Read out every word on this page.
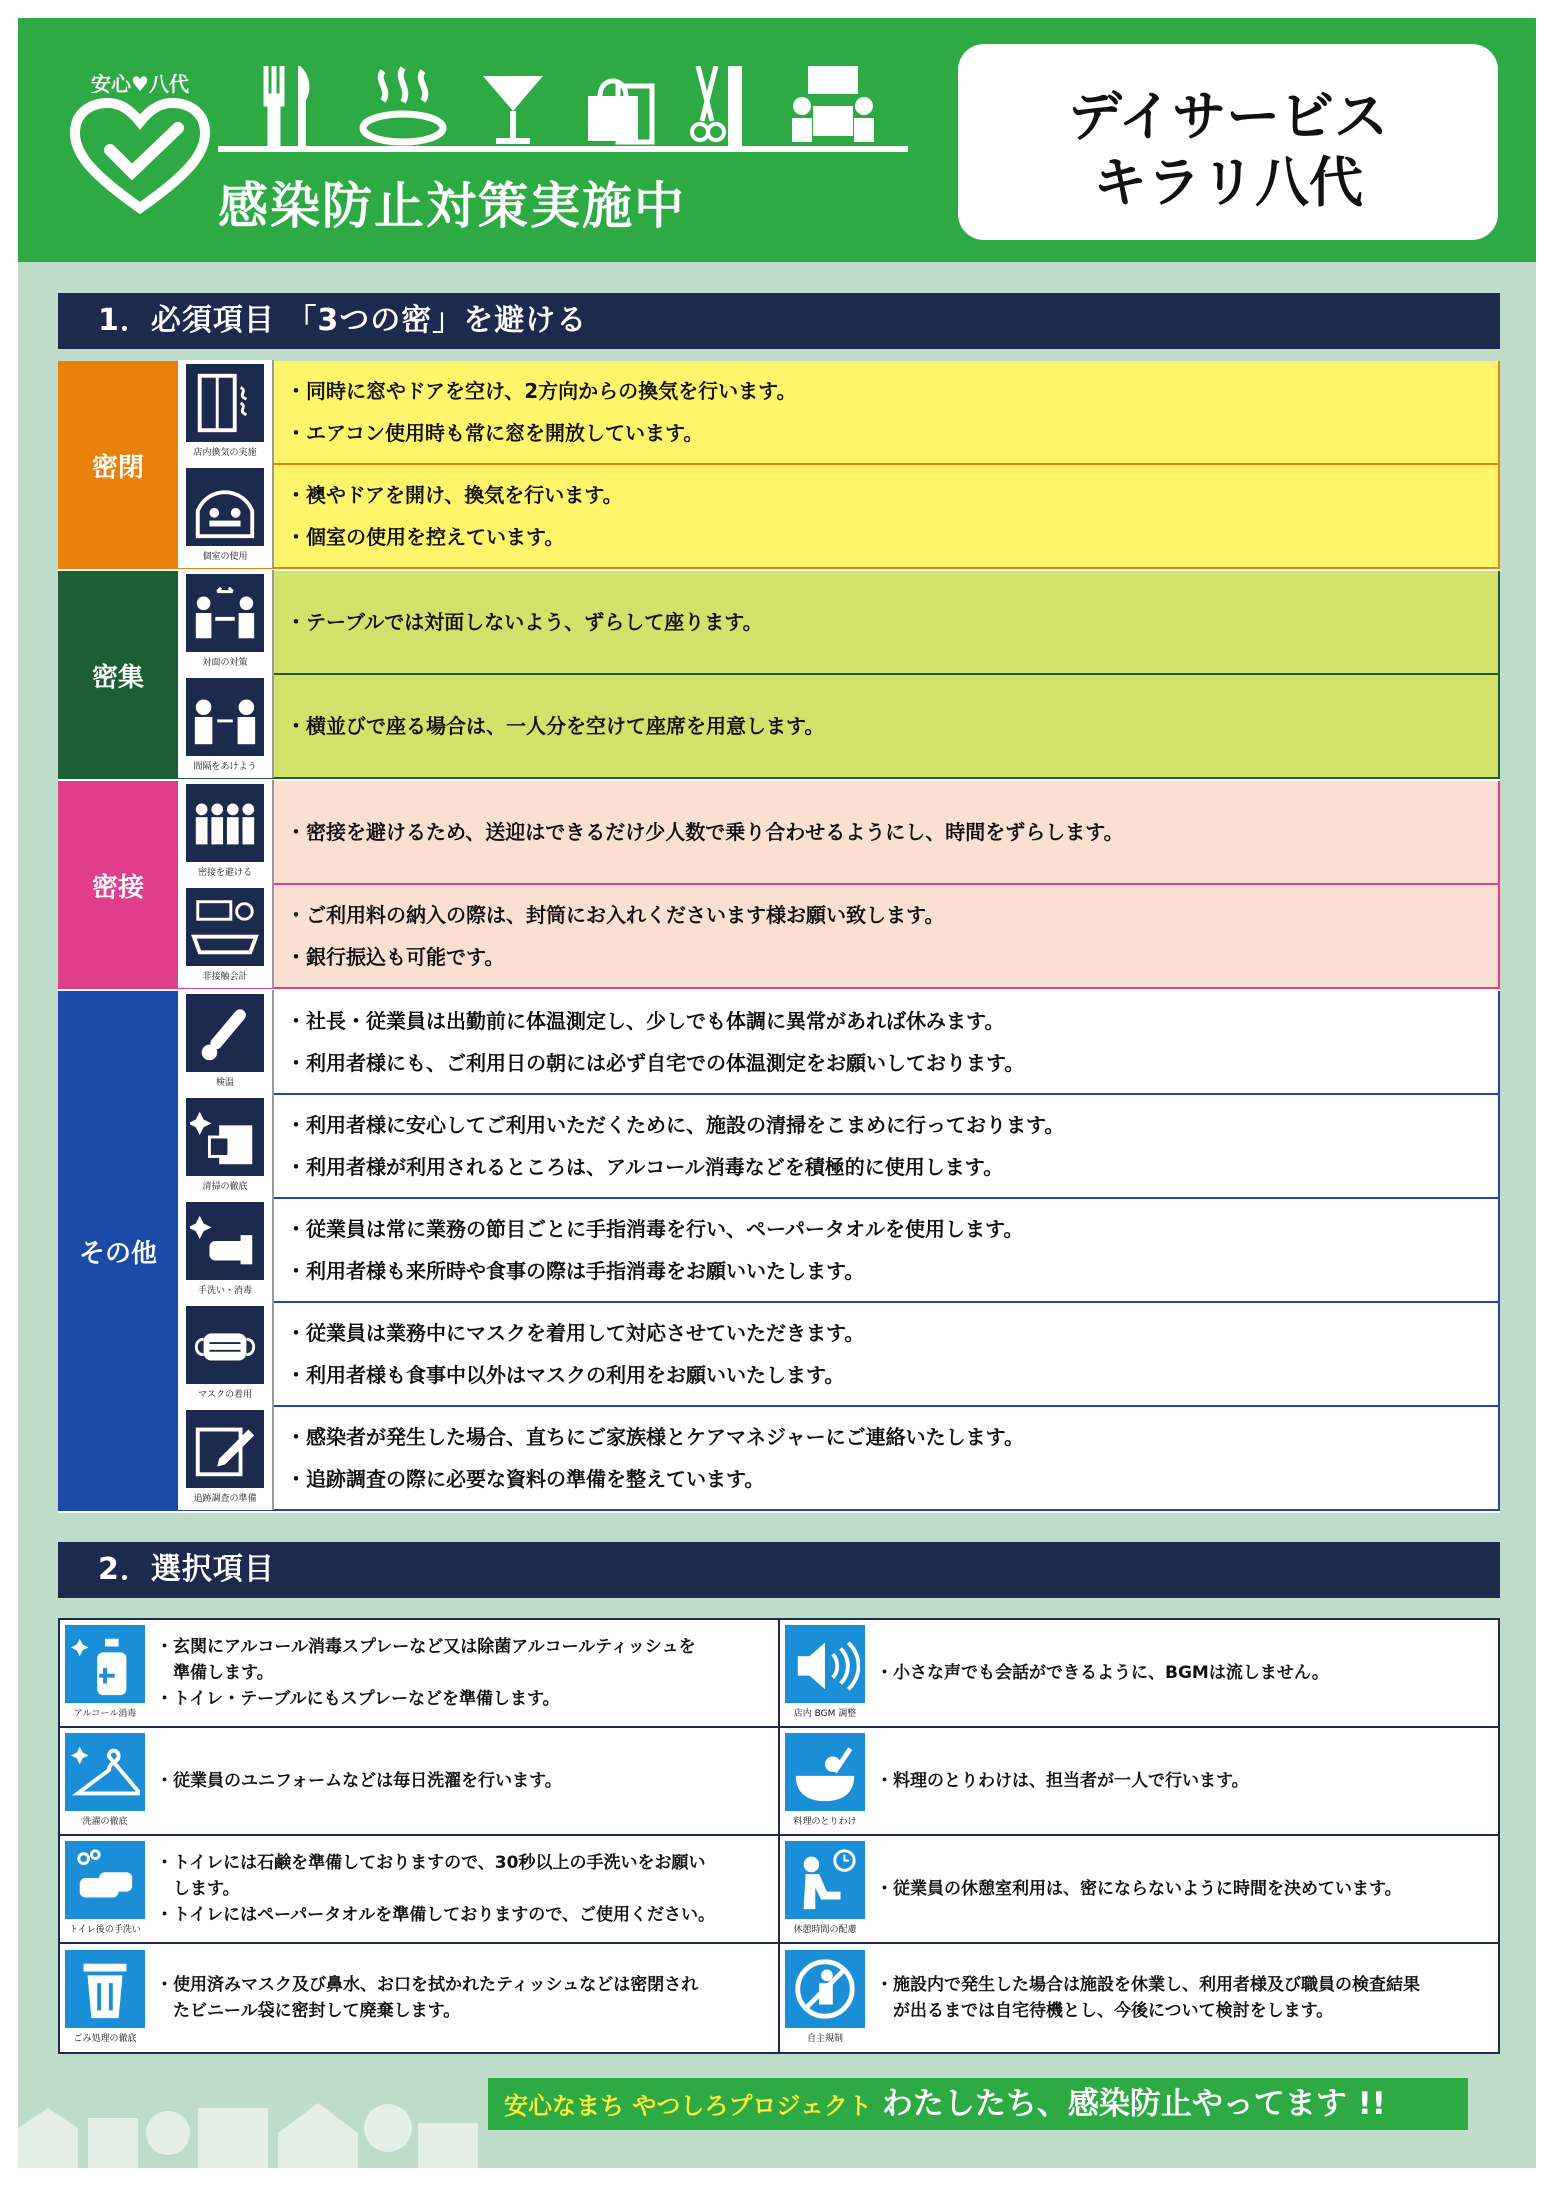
安心♥八代
感染防止対策実施中
デイサービス
キラリ八代
1．必須項目 「3つの密」を避ける
密閉	店内換気の実施
・同時に窓やドアを空け、2方向からの換気を行います。
・エアコン使用時も常に窓を開放しています。
個室の使用
・襖やドアを開け、換気を行います。
・個室の使用を控えています。
密集	対面の対策
・テーブルでは対面しないよう、ずらして座ります。
間隔をあけよう
・横並びで座る場合は、一人分を空けて座席を用意します。
密接	密接を避ける
・密接を避けるため、送迎はできるだけ少人数で乗り合わせるようにし、時間をずらします。
非接触会計
・ご利用料の納入の際は、封筒にお入れくださいます様お願い致します。
・銀行振込も可能です。
その他
検温
・社長・従業員は出勤前に体温測定し、少しでも体調に異常があれば休みます。
・利用者様にも、ご利用日の朝には必ず自宅での体温測定をお願いしております。
清掃の徹底
・利用者様に安心してご利用いただくために、施設の清掃をこまめに行っております。
・利用者様が利用されるところは、アルコール消毒などを積極的に使用します。
手洗い・消毒
・従業員は常に業務の節目ごとに手指消毒を行い、ペーパータオルを使用します。
・利用者様も来所時や食事の際は手指消毒をお願いいたします。
マスクの着用
・従業員は業務中にマスクを着用して対応させていただきます。
・利用者様も食事中以外はマスクの利用をお願いいたします。
追跡調査の準備
・感染者が発生した場合、直ちにご家族様とケアマネジャーにご連絡いたします。
・追跡調査の際に必要な資料の準備を整えています。
2．選択項目
アルコール消毒
・玄関にアルコール消毒スプレーなど又は除菌アルコールティッシュを
　準備します。
・トイレ・テーブルにもスプレーなどを準備します。
店内 BGM 調整
・小さな声でも会話ができるように、BGMは流しません。
洗濯の徹底
・従業員のユニフォームなどは毎日洗濯を行います。
料理のとりわけ
・料理のとりわけは、担当者が一人で行います。
トイレ後の手洗い
・トイレには石鹸を準備しておりますので、30秒以上の手洗いをお願い
　します。
・トイレにはペーパータオルを準備しておりますので、ご使用ください。
休憩時間の配慮
・従業員の休憩室利用は、密にならないように時間を決めています。
ごみ処理の徹底
・使用済みマスク及び鼻水、お口を拭かれたティッシュなどは密閉され
　たビニール袋に密封して廃棄します。
自主規制
・施設内で発生した場合は施設を休業し、利用者様及び職員の検査結果
　が出るまでは自宅待機とし、今後について検討をします。
安心なまち やつしろプロジェクト わたしたち、感染防止やってます !!
